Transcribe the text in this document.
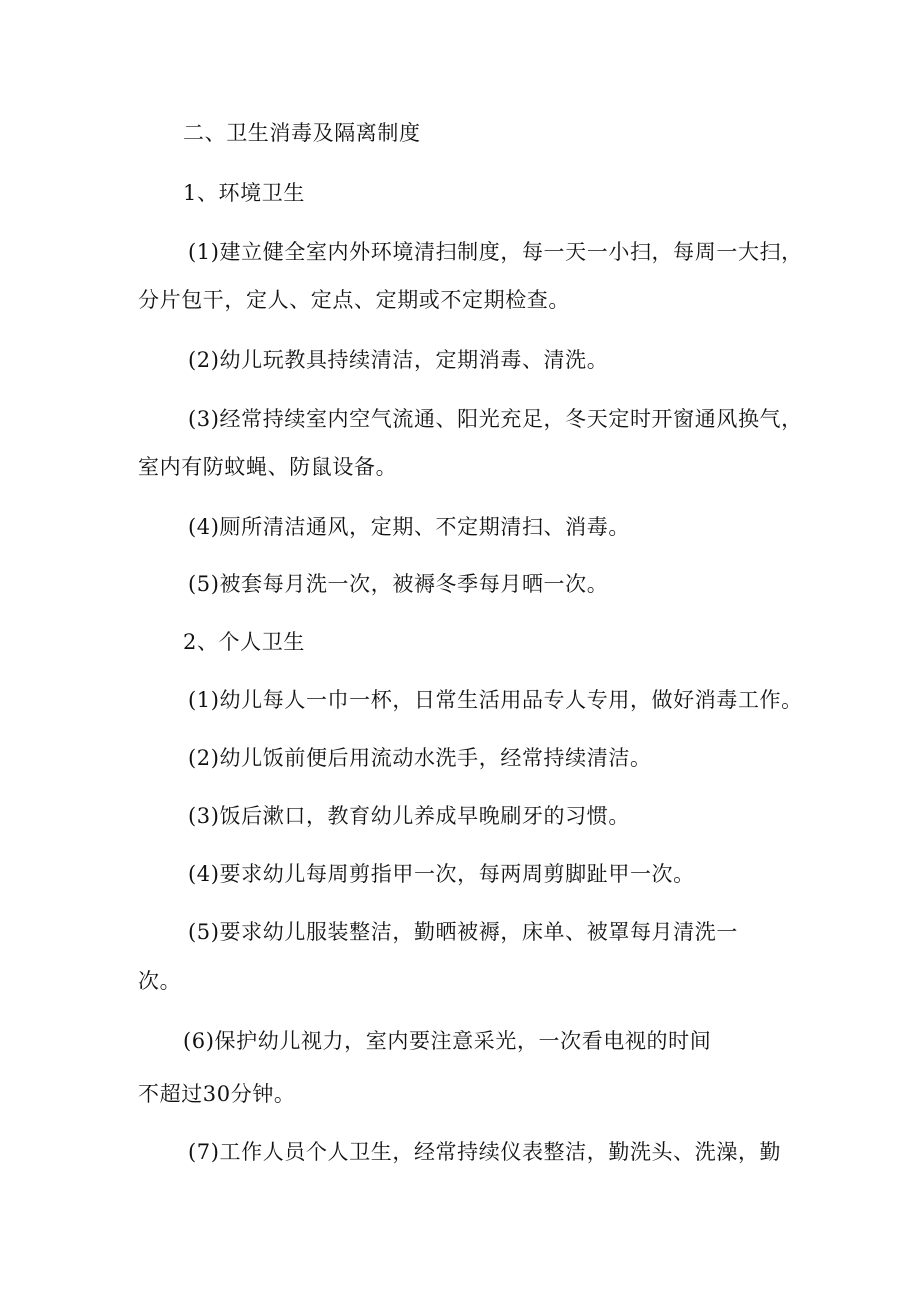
二、卫生消毒及隔离制度

1、环境卫生

(1)建立健全室内外环境清扫制度，每一天一小扫，每周一大扫，

分片包干，定人、定点、定期或不定期检查。

(2)幼儿玩教具持续清洁，定期消毒、清洗。

(3)经常持续室内空气流通、阳光充足，冬天定时开窗通风换气，

室内有防蚊蝇、防鼠设备。

(4)厕所清洁通风，定期、不定期清扫、消毒。

(5)被套每月洗一次，被褥冬季每月晒一次。

2、个人卫生

(1)幼儿每人一巾一杯，日常生活用品专人专用，做好消毒工作。

(2)幼儿饭前便后用流动水洗手，经常持续清洁。

(3)饭后漱口，教育幼儿养成早晚刷牙的习惯。

(4)要求幼儿每周剪指甲一次，每两周剪脚趾甲一次。

(5)要求幼儿服装整洁，勤晒被褥，床单、被罩每月清洗一

次。

(6)保护幼儿视力，室内要注意采光，一次看电视的时间

不超过30分钟。

(7)工作人员个人卫生，经常持续仪表整洁，勤洗头、洗澡，勤
